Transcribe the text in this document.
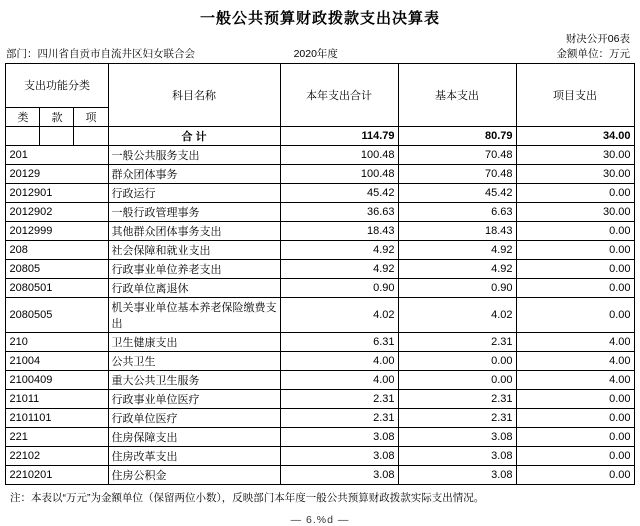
一般公共预算财政拨款支出决算表
财决公开06表
部门：四川省自贡市自流井区妇女联合会	2020年度	金额单位：万元
支出功能分类			科目名称	本年支出合计	基本支出	项目支出

类	款	项				
			合 计	114.79	80.79	34.00
201			一般公共服务支出	100.48	70.48	30.00
20129			群众团体事务	100.48	70.48	30.00
2012901			行政运行	45.42	45.42	0.00
2012902			一般行政管理事务	36.63	6.63	30.00
2012999			其他群众团体事务支出	18.43	18.43	0.00
208			社会保障和就业支出	4.92	4.92	0.00
20805			行政事业单位养老支出	4.92	4.92	0.00
2080501			行政单位离退休	0.90	0.90	0.00
2080505			机关事业单位基本养老保险缴费支出	4.02	4.02	0.00
210			卫生健康支出	6.31	2.31	4.00
21004			公共卫生	4.00	0.00	4.00
2100409			重大公共卫生服务	4.00	0.00	4.00
21011			行政事业单位医疗	2.31	2.31	0.00
2101101			行政单位医疗	2.31	2.31	0.00
221			住房保障支出	3.08	3.08	0.00
22102			住房改革支出	3.08	3.08	0.00
2210201			住房公积金	3.08	3.08	0.00
注：本表以“万元”为金额单位（保留两位小数），反映部门本年度一般公共预算财政拨款实际支出情况。
— 6.%d —
